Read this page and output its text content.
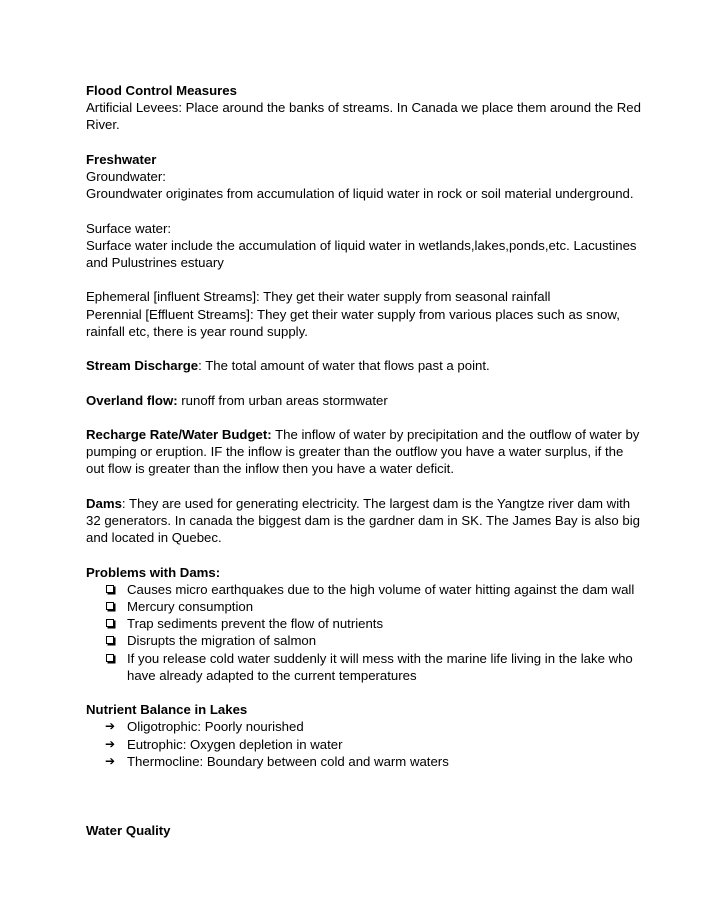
Flood Control Measures

Artificial Levees: Place around the banks of streams. In Canada we place them around the Red River.

Freshwater

Groundwater:

Groundwater originates from accumulation of liquid water in rock or soil material underground.

Surface water:

Surface water include the accumulation of liquid water in wetlands,lakes,ponds,etc. Lacustines and Pulustrines estuary

Ephemeral [influent Streams]: They get their water supply from seasonal rainfall

Perennial [Effluent Streams]: They get their water supply from various places such as snow, rainfall etc, there is year round supply.

Stream Discharge: The total amount of water that flows past a point.

Overland flow: runoff from urban areas stormwater

Recharge Rate/Water Budget: The inflow of water by precipitation and the outflow of water by pumping or eruption. IF the inflow is greater than the outflow you have a water surplus, if the out flow is greater than the inflow then you have a water deficit.

Dams: They are used for generating electricity. The largest dam is the Yangtze river dam with 32 generators. In canada the biggest dam is the gardner dam in SK. The James Bay is also big and located in Quebec.

Problems with Dams:

Causes micro earthquakes due to the high volume of water hitting against the dam wall
Mercury consumption
Trap sediments prevent the flow of nutrients
Disrupts the migration of salmon
If you release cold water suddenly it will mess with the marine life living in the lake who have already adapted to the current temperatures

Nutrient Balance in Lakes

➔ Oligotrophic: Poorly nourished
➔ Eutrophic: Oxygen depletion in water
➔ Thermocline: Boundary between cold and warm waters

Water Quality
